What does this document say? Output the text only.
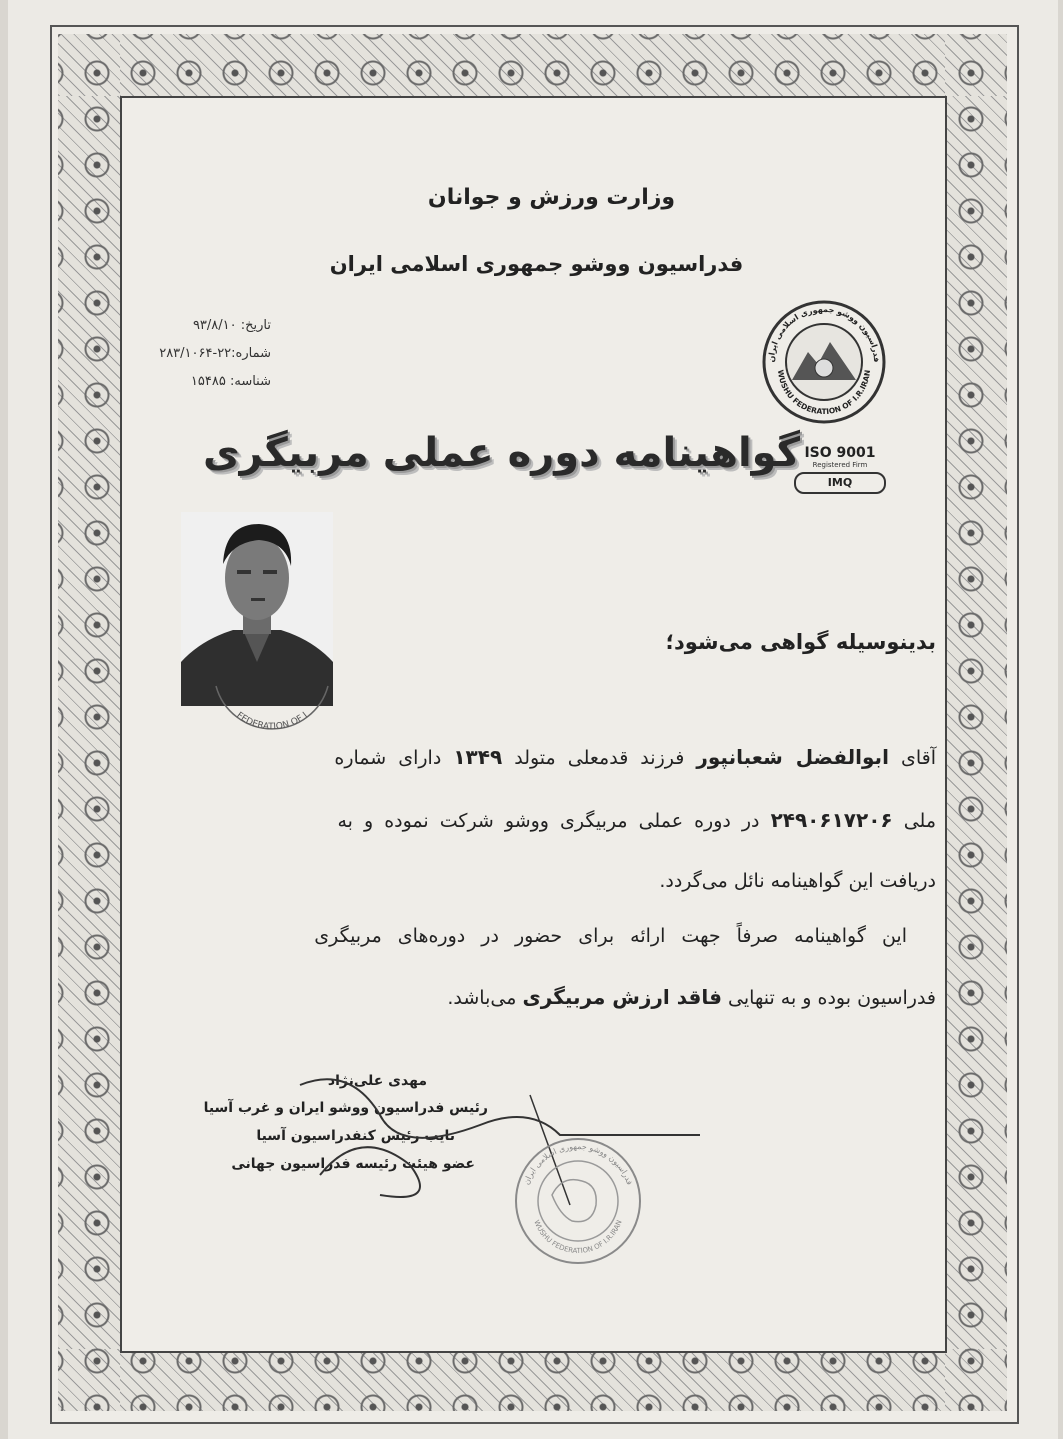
وزارت ورزش و جوانان
فدراسیون ووشو جمهوری اسلامی ایران
تاریخ: ۹۳/۸/۱۰
شماره:۲۲-۲۸۳/۱۰۶۴
شناسه: ۱۵۴۸۵
فدراسیون ووشو جمهوری اسلامی ایران
WUSHU FEDERATION OF I.R.IRAN
ISO 9001
Registered Firm
IMQ
گواهینامه دوره عملی مربیگری
FEDERATION OF I
بدینوسیله گواهی می‌شود؛
آقای ابوالفضل شعبانپور فرزند قدمعلی متولد ۱۳۴۹ دارای شماره
ملی ۲۴۹۰۶۱۷۲۰۶ در دوره عملی مربیگری ووشو شرکت نموده و به
دریافت این گواهینامه نائل می‌گردد.
این گواهینامه صرفاً جهت ارائه برای حضور در دوره‌های مربیگری
فدراسیون بوده و به تنهایی فاقد ارزش مربیگری می‌باشد.
مهدی علی‌نژاد
رئیس فدراسیون ووشو ایران و غرب آسیا
نایب رئیس کنفدراسیون آسیا
عضو هیئت رئیسه فدراسیون جهانی
فدراسیون ووشو جمهوری اسلامی ایران
WUSHU FEDERATION OF I.R.IRAN
